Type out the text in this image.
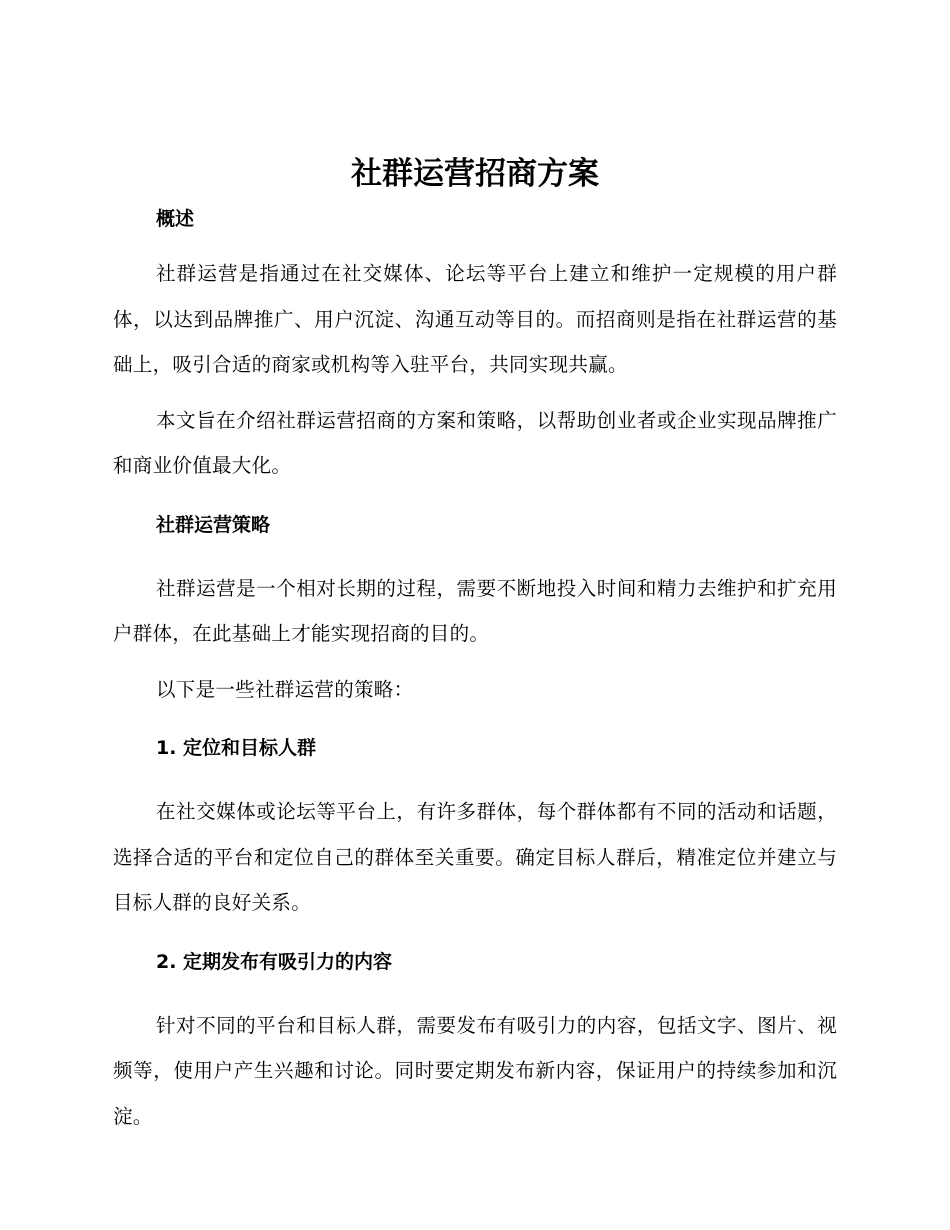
社群运营招商方案
概述

社群运营是指通过在社交媒体、论坛等平台上建立和维护一定规模的用户群体，以达到品牌推广、用户沉淀、沟通互动等目的。而招商则是指在社群运营的基础上，吸引合适的商家或机构等入驻平台，共同实现共赢。

本文旨在介绍社群运营招商的方案和策略，以帮助创业者或企业实现品牌推广和商业价值最大化。

社群运营策略

社群运营是一个相对长期的过程，需要不断地投入时间和精力去维护和扩充用户群体，在此基础上才能实现招商的目的。

以下是一些社群运营的策略：

1. 定位和目标人群

在社交媒体或论坛等平台上，有许多群体，每个群体都有不同的活动和话题，选择合适的平台和定位自己的群体至关重要。确定目标人群后，精准定位并建立与目标人群的良好关系。

2. 定期发布有吸引力的内容

针对不同的平台和目标人群，需要发布有吸引力的内容，包括文字、图片、视频等，使用户产生兴趣和讨论。同时要定期发布新内容，保证用户的持续参加和沉淀。
